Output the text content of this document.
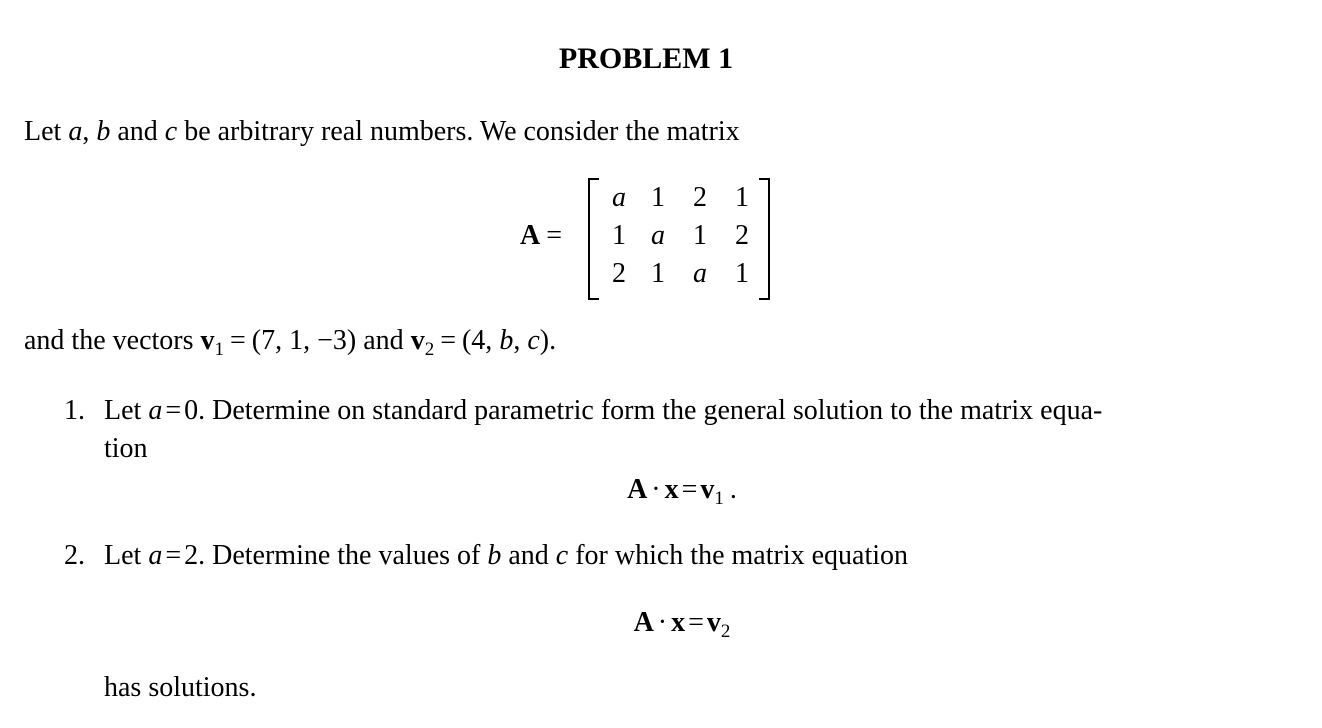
PROBLEM 1
Let a, b and c be arbitrary real numbers. We consider the matrix
A =
a 1 2 1
1 a 1 2
2 1 a 1
and the vectors $v_1 = (7$, 1, −3) and $v_2 = (4$, b, c).
1. Let a = 0. Determine on standard parametric form the general solution to the matrix equa-
tion
$A \cdot x = v_1$ .
2. Let a = 2. Determine the values of b and c for which the matrix equation
$A \cdot x = v_2$
has solutions.
